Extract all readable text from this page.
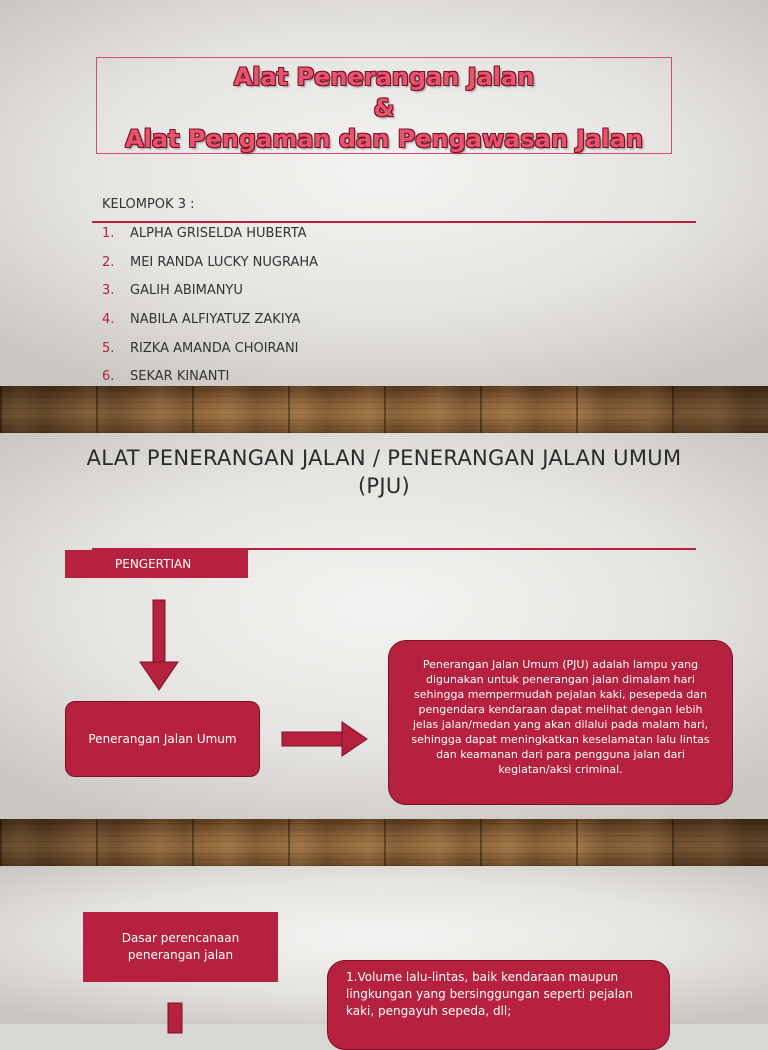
Alat Penerangan Jalan
&
Alat Pengaman dan Pengawasan Jalan
KELOMPOK 3 :
1. ALPHA GRISELDA HUBERTA
2. MEI RANDA LUCKY NUGRAHA
3. GALIH ABIMANYU
4. NABILA ALFIYATUZ ZAKIYA
5. RIZKA AMANDA CHOIRANI
6. SEKAR KINANTI
ALAT PENERANGAN JALAN / PENERANGAN JALAN UMUM (PJU)
PENGERTIAN
Penerangan Jalan Umum
Penerangan Jalan Umum (PJU) adalah lampu yang digunakan untuk penerangan jalan dimalam hari sehingga mempermudah pejalan kaki, pesepeda dan pengendara kendaraan dapat melihat dengan lebih jelas jalan/medan yang akan dilalui pada malam hari, sehingga dapat meningkatkan keselamatan lalu lintas dan keamanan dari para pengguna jalan dari kegiatan/aksi criminal.
Dasar perencanaan penerangan jalan
1.Volume lalu-lintas, baik kendaraan maupun lingkungan yang bersinggungan seperti pejalan kaki, pengayuh sepeda, dll;
